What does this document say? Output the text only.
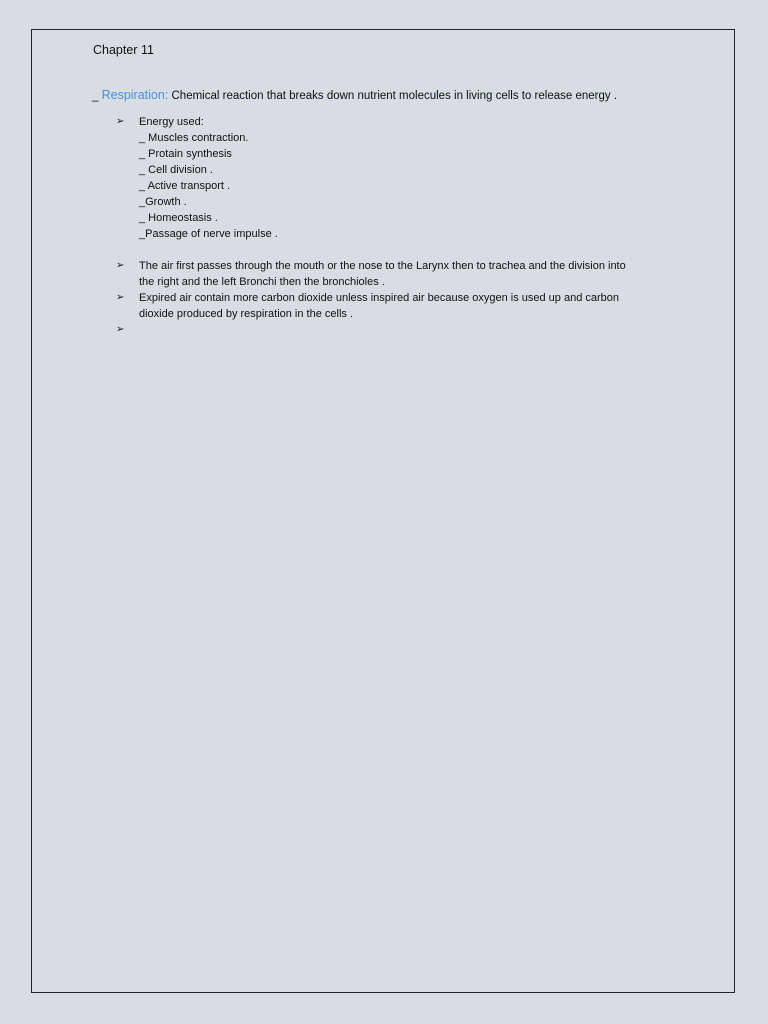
Chapter 11
_ Respiration: Chemical reaction that breaks down nutrient molecules in living cells to release energy .
➢ Energy used:
_ Muscles contraction.
_ Protain synthesis
_ Cell division .
_ Active transport .
_Growth .
_ Homeostasis .
_Passage of nerve impulse .
➢ The air first passes through the mouth or the nose to the Larynx then to trachea and the division into
the right and the left Bronchi then the bronchioles .
➢ Expired air contain more carbon dioxide unless inspired air because oxygen is used up and carbon
dioxide produced by respiration in the cells .
➢
